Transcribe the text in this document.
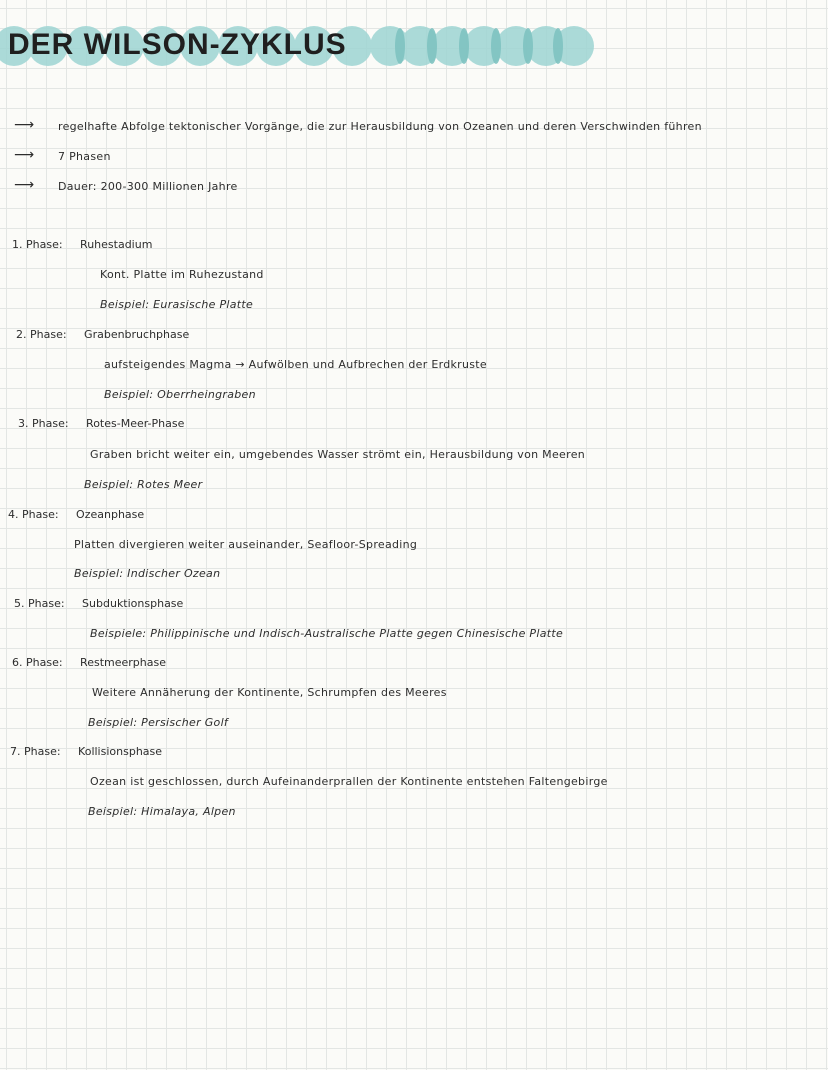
DER WILSON-ZYKLUS
⟶ regelhafte Abfolge tektonischer Vorgänge, die zur Herausbildung von Ozeanen und deren Verschwinden führen
⟶ 7 Phasen
⟶ Dauer: 200-300 Millionen Jahre
1. Phase: Ruhestadium
Kont. Platte im Ruhezustand
Beispiel: Eurasische Platte
2. Phase: Grabenbruchphase
aufsteigendes Magma → Aufwölben und Aufbrechen der Erdkruste
Beispiel: Oberrheingraben
3. Phase: Rotes-Meer-Phase
Graben bricht weiter ein, umgebendes Wasser strömt ein, Herausbildung von Meeren
Beispiel: Rotes Meer
4. Phase: Ozeanphase
Platten divergieren weiter auseinander, Seafloor-Spreading
Beispiel: Indischer Ozean
5. Phase: Subduktionsphase
Beispiele: Philippinische und Indisch-Australische Platte gegen Chinesische Platte
6. Phase: Restmeerphase
Weitere Annäherung der Kontinente, Schrumpfen des Meeres
Beispiel: Persischer Golf
7. Phase: Kollisionsphase
Ozean ist geschlossen, durch Aufeinanderprallen der Kontinente entstehen Faltengebirge
Beispiel: Himalaya, Alpen
